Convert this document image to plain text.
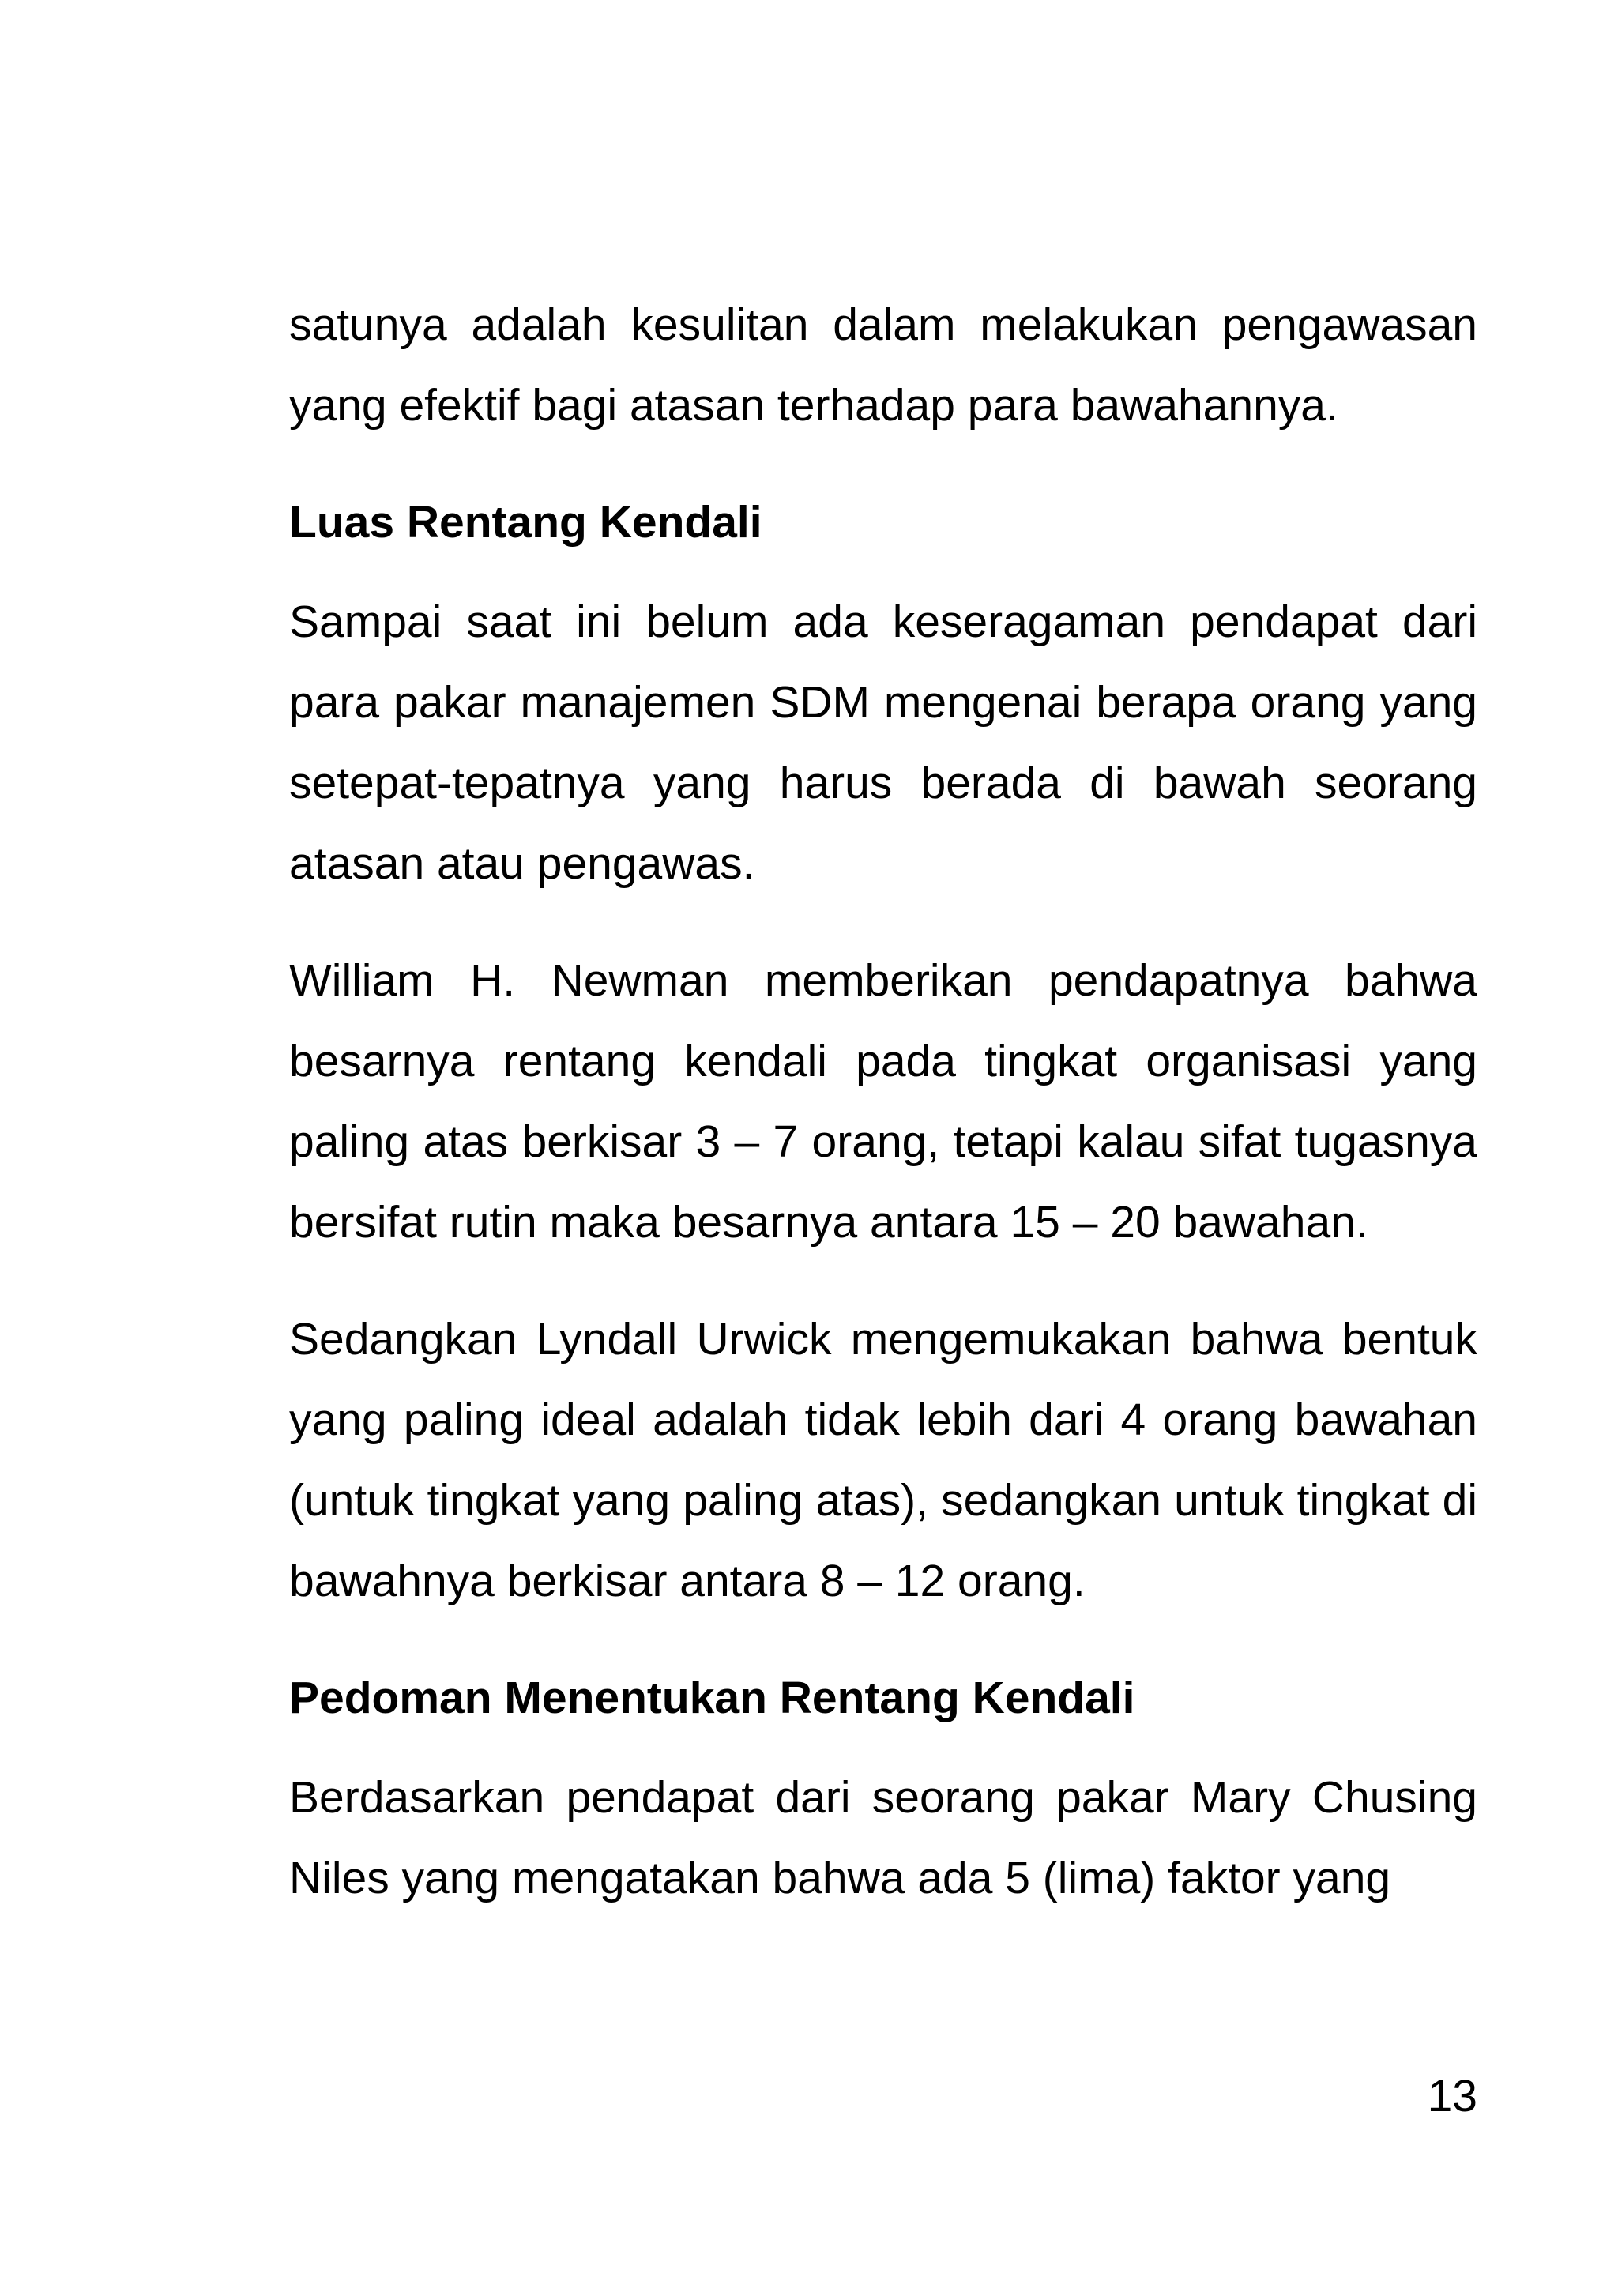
satunya adalah kesulitan dalam melakukan pengawasan yang efektif bagi atasan terhadap para bawahannya.

Luas Rentang Kendali

Sampai saat ini belum ada keseragaman pendapat dari para pakar manajemen SDM mengenai berapa orang yang setepat-tepatnya yang harus berada di bawah seorang atasan atau pengawas.

William H. Newman memberikan pendapatnya bahwa besarnya rentang kendali pada tingkat organisasi yang paling atas berkisar 3 – 7 orang, tetapi kalau sifat tugasnya bersifat rutin maka besarnya antara 15 – 20 bawahan.

Sedangkan Lyndall Urwick mengemukakan bahwa bentuk yang paling ideal adalah tidak lebih dari 4 orang bawahan (untuk tingkat yang paling atas), sedangkan untuk tingkat di bawahnya berkisar antara 8 – 12 orang.

Pedoman Menentukan Rentang Kendali

Berdasarkan pendapat dari seorang pakar Mary Chusing Niles yang mengatakan bahwa ada 5 (lima) faktor yang

13
